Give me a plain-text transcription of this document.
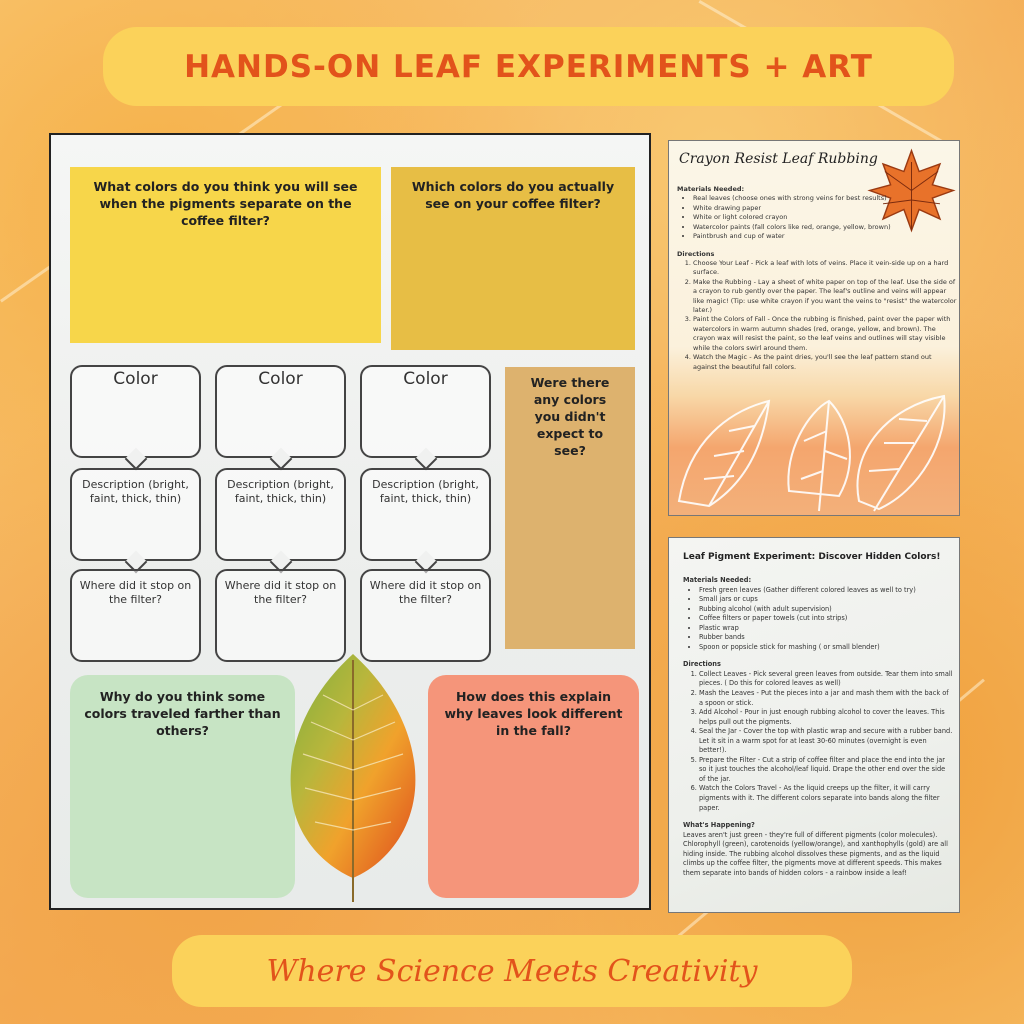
HANDS-ON LEAF EXPERIMENTS + ART
What colors do you think you will see when the pigments separate on the coffee filter?
Which colors do you actually see on your coffee filter?
Were there any colors you didn't expect to see?
Color
Description (bright, faint, thick, thin)
Where did it stop on the filter?
Color
Description (bright, faint, thick, thin)
Where did it stop on the filter?
Color
Description (bright, faint, thick, thin)
Where did it stop on the filter?
Why do you think some colors traveled farther than others?
How does this explain why leaves look different in the fall?
Crayon Resist Leaf Rubbing
Materials Needed:
• Real leaves (choose ones with strong veins for best results)
• White drawing paper
• White or light colored crayon
• Watercolor paints (fall colors like red, orange, yellow, brown)
• Paintbrush and cup of water
Directions
1. Choose Your Leaf - Pick a leaf with lots of veins. Place it vein-side up on a hard surface.
2. Make the Rubbing - Lay a sheet of white paper on top of the leaf. Use the side of a crayon to rub gently over the paper. The leaf's outline and veins will appear like magic! (Tip: use white crayon if you want the veins to "resist" the watercolor later.)
3. Paint the Colors of Fall - Once the rubbing is finished, paint over the paper with watercolors in warm autumn shades (red, orange, yellow, and brown). The crayon wax will resist the paint, so the leaf veins and outlines will stay visible while the colors swirl around them.
4. Watch the Magic - As the paint dries, you'll see the leaf pattern stand out against the beautiful fall colors.
Leaf Pigment Experiment: Discover Hidden Colors!
Materials Needed:
• Fresh green leaves (Gather different colored leaves as well to try)
• Small jars or cups
• Rubbing alcohol (with adult supervision)
• Coffee filters or paper towels (cut into strips)
• Plastic wrap
• Rubber bands
• Spoon or popsicle stick for mashing ( or small blender)
Directions
1. Collect Leaves - Pick several green leaves from outside. Tear them into small pieces. ( Do this for colored leaves as well)
2. Mash the Leaves - Put the pieces into a jar and mash them with the back of a spoon or stick.
3. Add Alcohol - Pour in just enough rubbing alcohol to cover the leaves. This helps pull out the pigments.
4. Seal the Jar - Cover the top with plastic wrap and secure with a rubber band. Let it sit in a warm spot for at least 30-60 minutes (overnight is even better!).
5. Prepare the Filter - Cut a strip of coffee filter and place the end into the jar so it just touches the alcohol/leaf liquid. Drape the other end over the side of the jar.
6. Watch the Colors Travel - As the liquid creeps up the filter, it will carry pigments with it. The different colors separate into bands along the filter paper.
What's Happening?
Leaves aren't just green - they're full of different pigments (color molecules). Chlorophyll (green), carotenoids (yellow/orange), and xanthophylls (gold) are all hiding inside. The rubbing alcohol dissolves these pigments, and as the liquid climbs up the coffee filter, the pigments move at different speeds. This makes them separate into bands of hidden colors - a rainbow inside a leaf!
Where Science Meets Creativity
